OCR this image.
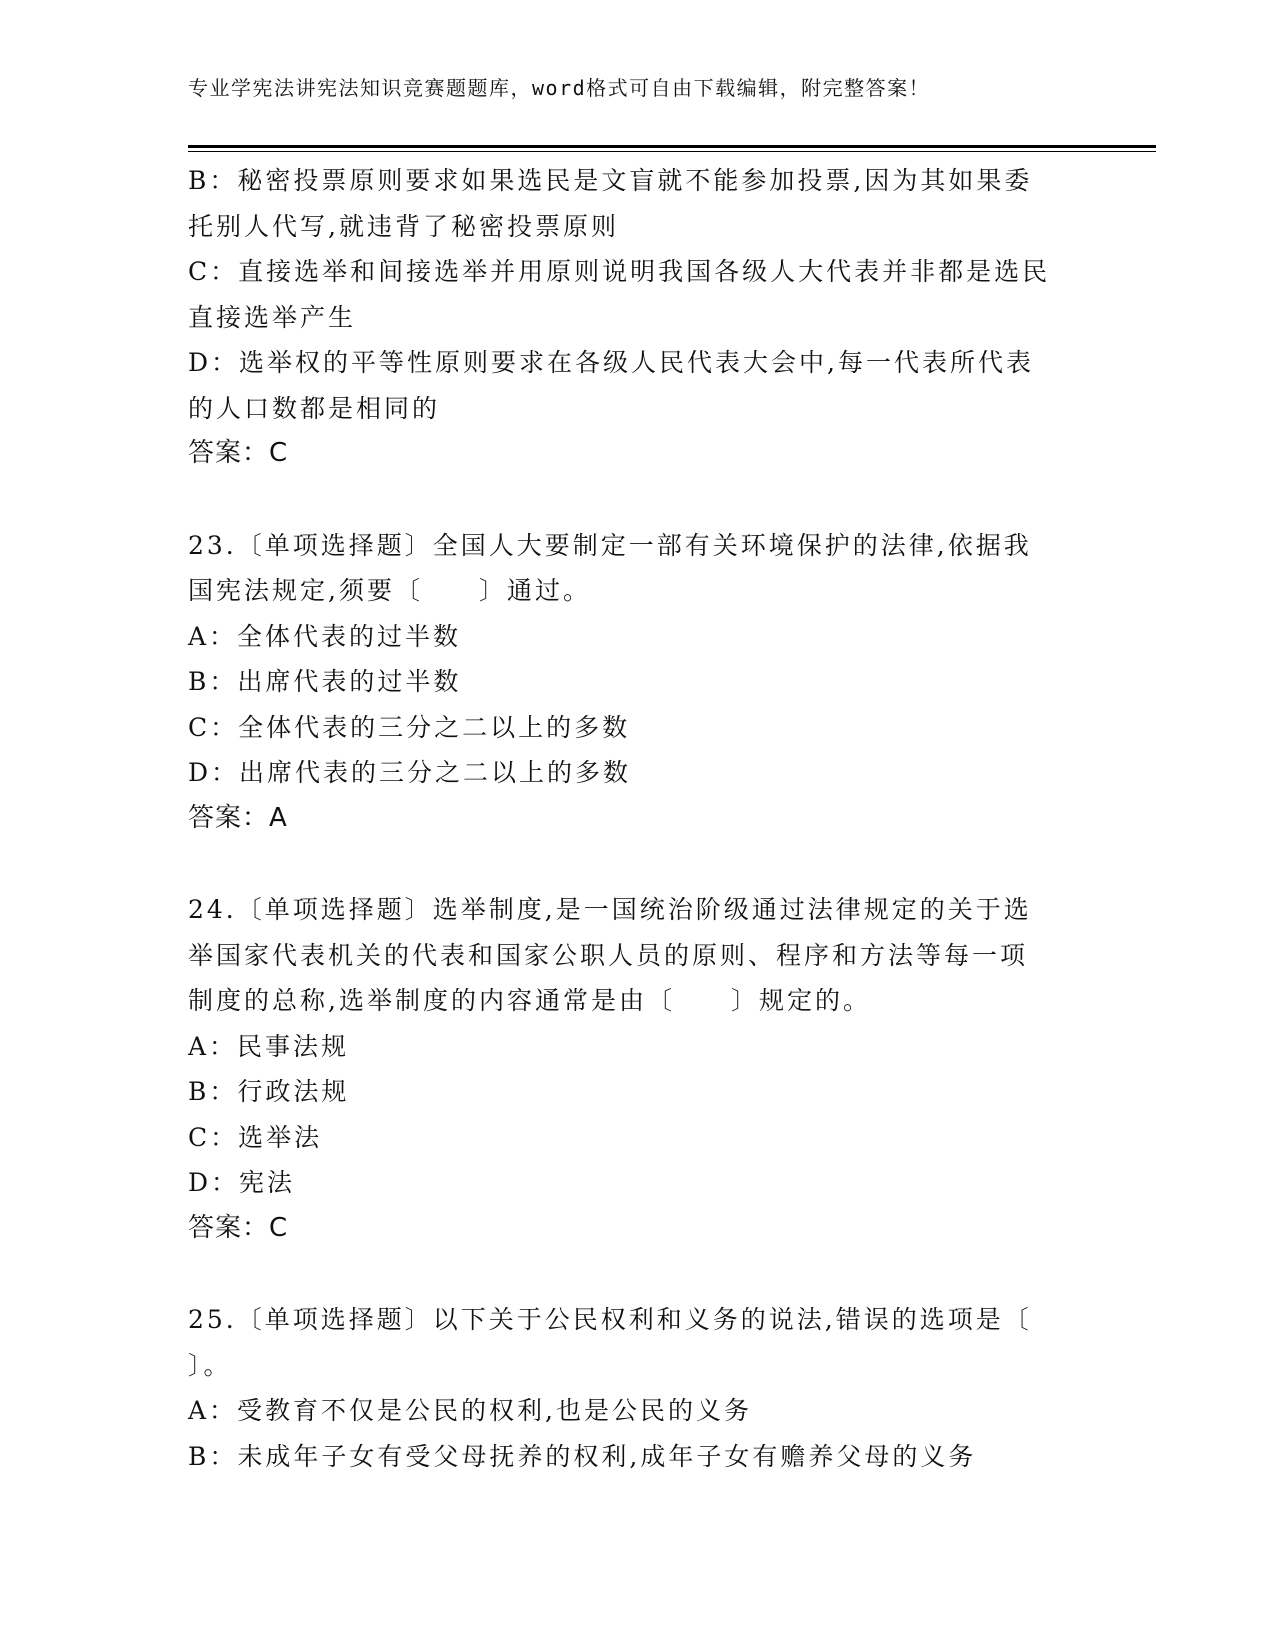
专业学宪法讲宪法知识竞赛题题库，word格式可自由下载编辑，附完整答案！
B：秘密投票原则要求如果选民是文盲就不能参加投票,因为其如果委
托别人代写,就违背了秘密投票原则
C：直接选举和间接选举并用原则说明我国各级人大代表并非都是选民
直接选举产生
D：选举权的平等性原则要求在各级人民代表大会中,每一代表所代表
的人口数都是相同的
答案：C
23.〔单项选择题〕全国人大要制定一部有关环境保护的法律,依据我
国宪法规定,须要〔　　〕通过。
A：全体代表的过半数
B：出席代表的过半数
C：全体代表的三分之二以上的多数
D：出席代表的三分之二以上的多数
答案：A
24.〔单项选择题〕选举制度,是一国统治阶级通过法律规定的关于选
举国家代表机关的代表和国家公职人员的原则、程序和方法等每一项
制度的总称,选举制度的内容通常是由〔　　〕规定的。
A：民事法规
B：行政法规
C：选举法
D：宪法
答案：C
25.〔单项选择题〕以下关于公民权利和义务的说法,错误的选项是〔
〕。
A：受教育不仅是公民的权利,也是公民的义务
B：未成年子女有受父母抚养的权利,成年子女有赡养父母的义务
